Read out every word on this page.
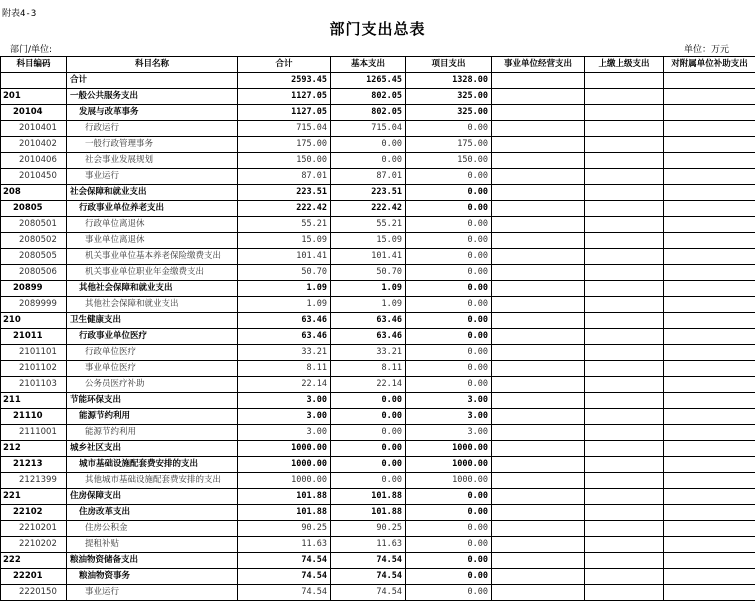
附表4-3
部门支出总表
部门/单位:	单位：万元
科目编码	科目名称	合计	基本支出	项目支出	事业单位经营支出	上缴上级支出	对附属单位补助支出
	合计	2593.45	1265.45	1328.00			
201	一般公共服务支出	1127.05	802.05	325.00			
20104	发展与改革事务	1127.05	802.05	325.00			
2010401	行政运行	715.04	715.04	0.00			
2010402	一般行政管理事务	175.00	0.00	175.00			
2010406	社会事业发展规划	150.00	0.00	150.00			
2010450	事业运行	87.01	87.01	0.00			
208	社会保障和就业支出	223.51	223.51	0.00			
20805	行政事业单位养老支出	222.42	222.42	0.00			
2080501	行政单位离退休	55.21	55.21	0.00			
2080502	事业单位离退休	15.09	15.09	0.00			
2080505	机关事业单位基本养老保险缴费支出	101.41	101.41	0.00			
2080506	机关事业单位职业年金缴费支出	50.70	50.70	0.00			
20899	其他社会保障和就业支出	1.09	1.09	0.00			
2089999	其他社会保障和就业支出	1.09	1.09	0.00			
210	卫生健康支出	63.46	63.46	0.00			
21011	行政事业单位医疗	63.46	63.46	0.00			
2101101	行政单位医疗	33.21	33.21	0.00			
2101102	事业单位医疗	8.11	8.11	0.00			
2101103	公务员医疗补助	22.14	22.14	0.00			
211	节能环保支出	3.00	0.00	3.00			
21110	能源节约利用	3.00	0.00	3.00			
2111001	能源节约利用	3.00	0.00	3.00			
212	城乡社区支出	1000.00	0.00	1000.00			
21213	城市基础设施配套费安排的支出	1000.00	0.00	1000.00			
2121399	其他城市基础设施配套费安排的支出	1000.00	0.00	1000.00			
221	住房保障支出	101.88	101.88	0.00			
22102	住房改革支出	101.88	101.88	0.00			
2210201	住房公积金	90.25	90.25	0.00			
2210202	提租补贴	11.63	11.63	0.00			
222	粮油物资储备支出	74.54	74.54	0.00			
22201	粮油物资事务	74.54	74.54	0.00			
2220150	事业运行	74.54	74.54	0.00			
